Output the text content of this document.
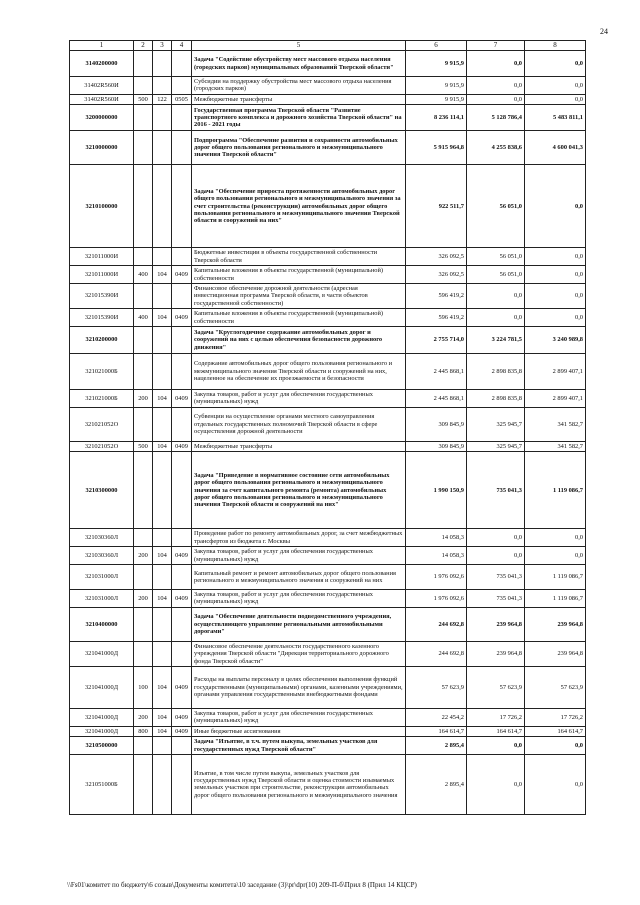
24
1	2	3	4	5	6	7	8
3140200000				Задача "Содействие обустройству мест массового отдыха населения (городских парков) муниципальных образований Тверской области"	9 915,9	0,0	0,0
31402R560И				Субсидии на поддержку обустройства мест массового отдыха населения (городских парков)	9 915,9	0,0	0,0
31402R560И	500	122	0505	Межбюджетные трансферты	9 915,9	0,0	0,0
3200000000				Государственная программа Тверской области "Развитие транспортного комплекса и дорожного хозяйства Тверской области" на 2016 - 2021 годы	8 236 114,1	5 128 786,4	5 483 811,1
3210000000				Подпрограмма "Обеспечение развития и сохранности автомобильных дорог общего пользования регионального и межмуниципального значения Тверской области"	5 915 964,8	4 255 838,6	4 600 041,3
3210100000				Задача "Обеспечение прироста протяженности автомобильных дорог общего пользования регионального и межмуниципального значения за счет строительства (реконструкции) автомобильных дорог общего пользования регионального и межмуниципального значения Тверской области и сооружений на них"	922 511,7	56 051,0	0,0
321011000И				Бюджетные инвестиции в объекты государственной собственности Тверской области	326 092,5	56 051,0	0,0
321011000И	400	104	0409	Капитальные вложения в объекты государственной (муниципальной) собственности	326 092,5	56 051,0	0,0
321015390И				Финансовое обеспечение дорожной деятельности (адресная инвестиционная программа Тверской области, в части объектов государственной собственности)	596 419,2	0,0	0,0
321015390И	400	104	0409	Капитальные вложения в объекты государственной (муниципальной) собственности	596 419,2	0,0	0,0
3210200000				Задача "Круглогодичное содержание автомобильных дорог и сооружений на них с целью обеспечения безопасности дорожного движения"	2 755 714,0	3 224 781,5	3 240 989,8
321021000Б				Содержание автомобильных дорог общего пользования регионального и межмуниципального значения Тверской области и сооружений на них, нацеленное на обеспечение их проезжаемости и безопасности	2 445 868,1	2 898 835,8	2 899 407,1
321021000Б	200	104	0409	Закупка товаров, работ и услуг для обеспечения государственных (муниципальных) нужд	2 445 868,1	2 898 835,8	2 899 407,1
321021052О				Субвенции на осуществление органами местного самоуправления отдельных государственных полномочий Тверской области в сфере осуществления дорожной деятельности	309 845,9	325 945,7	341 582,7
321021052О	500	104	0409	Межбюджетные трансферты	309 845,9	325 945,7	341 582,7
3210300000				Задача "Приведение в нормативное состояние сети автомобильных дорог общего пользования регионального и межмуниципального значения за счет капитального ремонта (ремонта) автомобильных дорог общего пользования регионального и межмуниципального значения Тверской области и сооружений на них"	1 990 150,9	735 041,3	1 119 086,7
321030360Л				Проведение работ по ремонту автомобильных дорог, за счет межбюджетных трансфертов из бюджета г. Москвы	14 058,3	0,0	0,0
321030360Л	200	104	0409	Закупка товаров, работ и услуг для обеспечения государственных (муниципальных) нужд	14 058,3	0,0	0,0
321031000Л				Капитальный ремонт и ремонт автомобильных дорог общего пользования регионального и межмуниципального значения и сооружений на них	1 976 092,6	735 041,3	1 119 086,7
321031000Л	200	104	0409	Закупка товаров, работ и услуг для обеспечения государственных (муниципальных) нужд	1 976 092,6	735 041,3	1 119 086,7
3210400000				Задача "Обеспечение деятельности подведомственного учреждения, осуществляющего управление региональными автомобильными дорогами"	244 692,8	239 964,8	239 964,8
321041000Д				Финансовое обеспечение деятельности государственного казенного учреждения Тверской области "Дирекция территориального дорожного фонда Тверской области"	244 692,8	239 964,8	239 964,8
321041000Д	100	104	0409	Расходы на выплаты персоналу в целях обеспечения выполнения функций государственными (муниципальными) органами, казенными учреждениями, органами управления государственными внебюджетными фондами	57 623,9	57 623,9	57 623,9
321041000Д	200	104	0409	Закупка товаров, работ и услуг для обеспечения государственных (муниципальных) нужд	22 454,2	17 726,2	17 726,2
321041000Д	800	104	0409	Иные бюджетные ассигнования	164 614,7	164 614,7	164 614,7
3210500000				Задача "Изъятие, в т.ч. путем выкупа, земельных участков для государственных нужд Тверской области"	2 895,4	0,0	0,0
321051000Б				Изъятие, в том числе путем выкупа, земельных участков для государственных нужд Тверской области и оценка стоимости изымаемых земельных участков при строительстве, реконструкции автомобильных дорог общего пользования регионального и межмуниципального значения	2 895,4	0,0	0,0
\\Fs01\комитет по бюджету\6 созыв\Документы комитета\10 заседание (3)\pr\dpr(10) 209-П-б\Прил 8 (Прил 14 КЦСР)
